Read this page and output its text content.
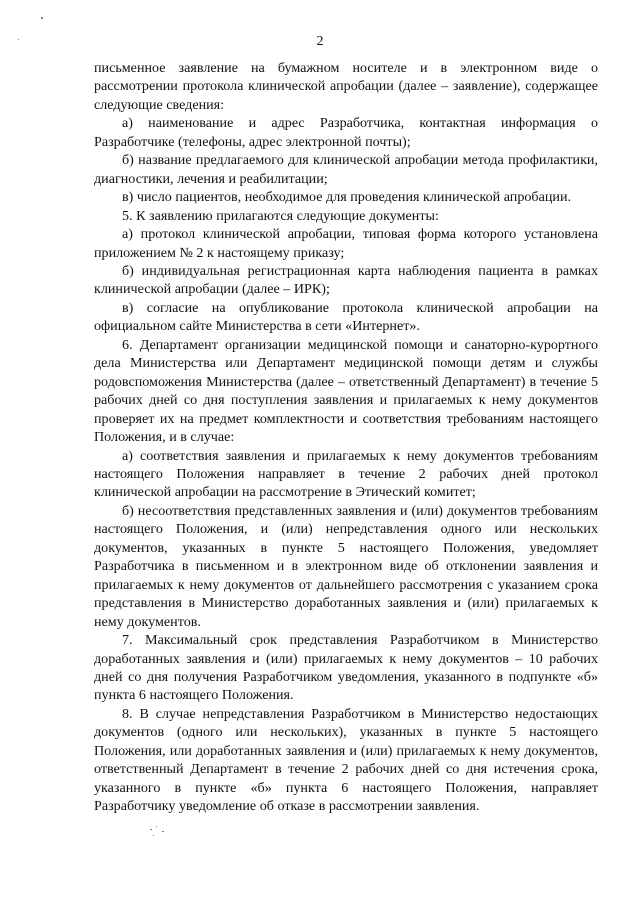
2

письменное заявление на бумажном носителе и в электронном виде о рассмотрении протокола клинической апробации (далее – заявление), содержащее следующие сведения:

а) наименование и адрес Разработчика, контактная информация о Разработчике (телефоны, адрес электронной почты);

б) название предлагаемого для клинической апробации метода профилактики, диагностики, лечения и реабилитации;

в) число пациентов, необходимое для проведения клинической апробации.

5. К заявлению прилагаются следующие документы:

а) протокол клинической апробации, типовая форма которого установлена приложением № 2 к настоящему приказу;

б) индивидуальная регистрационная карта наблюдения пациента в рамках клинической апробации (далее – ИРК);

в) согласие на опубликование протокола клинической апробации на официальном сайте Министерства в сети «Интернет».

6. Департамент организации медицинской помощи и санаторно-курортного дела Министерства или Департамент медицинской помощи детям и службы родовспоможения Министерства (далее – ответственный Департамент) в течение 5 рабочих дней со дня поступления заявления и прилагаемых к нему документов проверяет их на предмет комплектности и соответствия требованиям настоящего Положения, и в случае:

а) соответствия заявления и прилагаемых к нему документов требованиям настоящего Положения направляет в течение 2 рабочих дней протокол клинической апробации на рассмотрение в Этический комитет;

б) несоответствия представленных заявления и (или) документов требованиям настоящего Положения, и (или) непредставления одного или нескольких документов, указанных в пункте 5 настоящего Положения, уведомляет Разработчика в письменном и в электронном виде об отклонении заявления и прилагаемых к нему документов от дальнейшего рассмотрения с указанием срока представления в Министерство доработанных заявления и (или) прилагаемых к нему документов.

7. Максимальный срок представления Разработчиком в Министерство доработанных заявления и (или) прилагаемых к нему документов – 10 рабочих дней со дня получения Разработчиком уведомления, указанного в подпункте «б» пункта 6 настоящего Положения.

8. В случае непредставления Разработчиком в Министерство недостающих документов (одного или нескольких), указанных в пункте 5 настоящего Положения, или доработанных заявления и (или) прилагаемых к нему документов, ответственный Департамент в течение 2 рабочих дней со дня истечения срока, указанного в пункте «б» пункта 6 настоящего Положения, направляет Разработчику уведомление об отказе в рассмотрении заявления.
